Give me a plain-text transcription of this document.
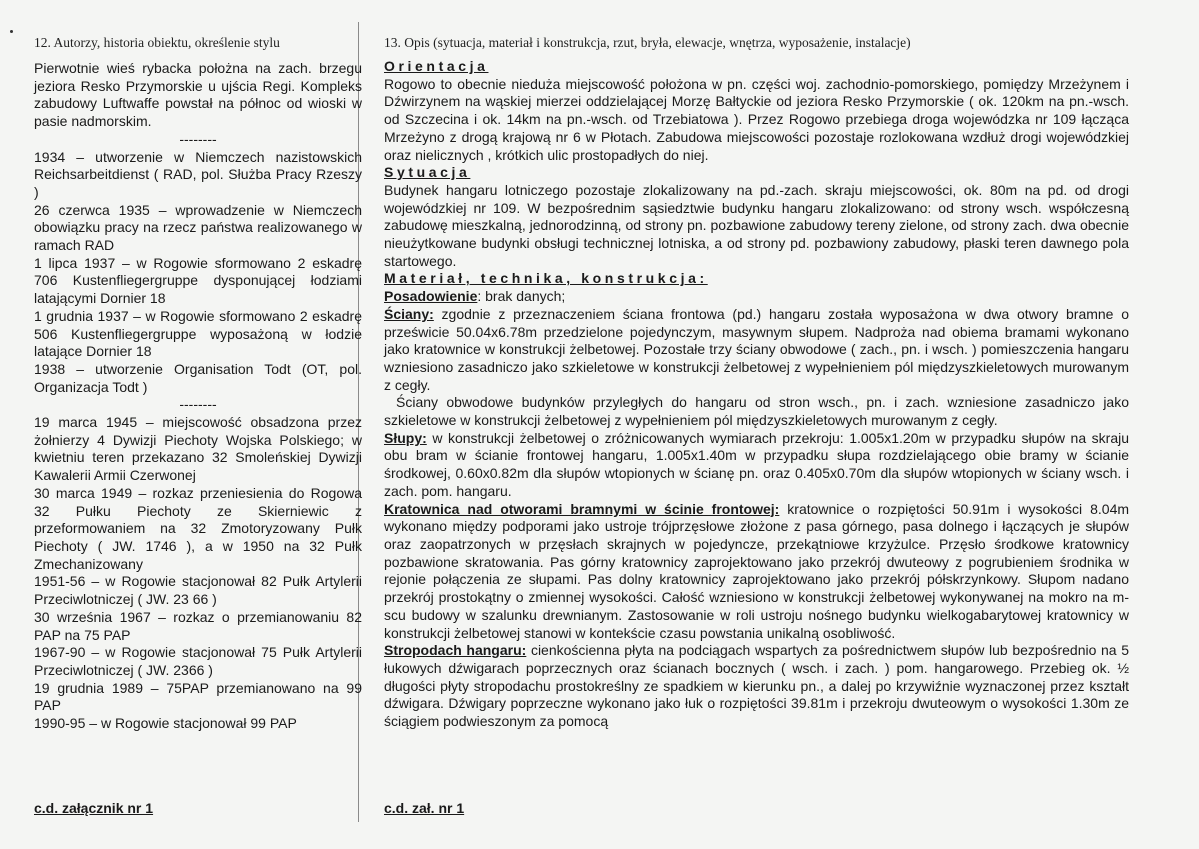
12. Autorzy, historia obiektu, określenie stylu	13. Opis (sytuacja, materiał i konstrukcja, rzut, bryła, elewacje, wnętrza, wyposażenie, instalacje)

Pierwotnie wieś rybacka położna na zach. brzegu jeziora Resko Przymorskie u ujścia Regi. Kompleks zabudowy Luftwaffe powstał na północ od wioski w pasie nadmorskim.

--------

1934 – utworzenie w Niemczech nazistowskich Reichsarbeitdienst ( RAD, pol. Służba Pracy Rzeszy )

26 czerwca 1935 – wprowadzenie w Niemczech obowiązku pracy na rzecz państwa realizowanego w ramach RAD

1 lipca 1937 – w Rogowie sformowano 2 eskadrę 706 Kustenfliegergruppe dysponującej łodziami latającymi Dornier 18

1 grudnia 1937 – w Rogowie sformowano 2 eskadrę 506 Kustenfliegergruppe wyposażoną w łodzie latające Dornier 18

1938 – utworzenie Organisation Todt (OT, pol. Organizacja Todt )

--------

19 marca 1945 – miejscowość obsadzona przez żołnierzy 4 Dywizji Piechoty Wojska Polskiego; w kwietniu teren przekazano 32 Smoleńskiej Dywizji Kawalerii Armii Czerwonej

30 marca 1949 – rozkaz przeniesienia do Rogowa 32 Pułku Piechoty ze Skierniewic z przeformowaniem na 32 Zmotoryzowany Pułk Piechoty ( JW. 1746 ), a w 1950 na 32 Pułk Zmechanizowany

1951-56 – w Rogowie stacjonował 82 Pułk Artylerii Przeciwlotniczej ( JW. 23 66 )

30 września 1967 – rozkaz o przemianowaniu 82 PAP na 75 PAP

1967-90 – w Rogowie stacjonował 75 Pułk Artylerii Przeciwlotniczej ( JW. 2366 )

19 grudnia 1989 – 75PAP przemianowano na 99 PAP

1990-95 – w Rogowie stacjonował 99 PAP

Orientacja

Rogowo to obecnie nieduża miejscowość położona w pn. części woj. zachodnio-pomorskiego, pomiędzy Mrzeżynem i Dźwirzynem na wąskiej mierzei oddzielającej Morzę Bałtyckie od jeziora Resko Przymorskie ( ok. 120km na pn.-wsch. od Szczecina i ok. 14km na pn.-wsch. od Trzebiatowa ). Przez Rogowo przebiega droga wojewódzka nr 109 łącząca Mrzeżyno z drogą krajową nr 6 w Płotach. Zabudowa miejscowości pozostaje rozlokowana wzdłuż drogi wojewódzkiej oraz nielicznych , krótkich ulic prostopadłych do niej.

Sytuacja

Budynek hangaru lotniczego pozostaje zlokalizowany na pd.-zach. skraju miejscowości, ok. 80m na pd. od drogi wojewódzkiej nr 109. W bezpośrednim sąsiedztwie budynku hangaru zlokalizowano: od strony wsch. współczesną zabudowę mieszkalną, jednorodzinną, od strony pn. pozbawione zabudowy tereny zielone, od strony zach. dwa obecnie nieużytkowane budynki obsługi technicznej lotniska, a od strony pd. pozbawiony zabudowy, płaski teren dawnego pola startowego.

Materiał, technika, konstrukcja:

Posadowienie: brak danych;

Ściany: zgodnie z przeznaczeniem ściana frontowa (pd.) hangaru została wyposażona w dwa otwory bramne o prześwicie 50.04x6.78m przedzielone pojedynczym, masywnym słupem. Nadproża nad obiema bramami wykonano jako kratownice w konstrukcji żelbetowej. Pozostałe trzy ściany obwodowe ( zach., pn. i wsch. ) pomieszczenia hangaru wzniesiono zasadniczo jako szkieletowe w konstrukcji żelbetowej z wypełnieniem pól międzyszkieletowych murowanym z cegły.

Ściany obwodowe budynków przyległych do hangaru od stron wsch., pn. i zach. wzniesione zasadniczo jako szkieletowe w konstrukcji żelbetowej z wypełnieniem pól międzyszkieletowych murowanym z cegły.

Słupy: w konstrukcji żelbetowej o zróżnicowanych wymiarach przekroju: 1.005x1.20m w przypadku słupów na skraju obu bram w ścianie frontowej hangaru, 1.005x1.40m w przypadku słupa rozdzielającego obie bramy w ścianie środkowej, 0.60x0.82m dla słupów wtopionych w ścianę pn. oraz 0.405x0.70m dla słupów wtopionych w ściany wsch. i zach. pom. hangaru.

Kratownica nad otworami bramnymi w ścinie frontowej: kratownice o rozpiętości 50.91m i wysokości 8.04m wykonano między podporami jako ustroje trójprzęsłowe złożone z pasa górnego, pasa dolnego i łączących je słupów oraz zaopatrzonych w przęsłach skrajnych w pojedyncze, przekątniowe krzyżulce. Przęsło środkowe kratownicy pozbawione skratowania. Pas górny kratownicy zaprojektowano jako przekrój dwuteowy z pogrubieniem środnika w rejonie połączenia ze słupami. Pas dolny kratownicy zaprojektowano jako przekrój półskrzynkowy. Słupom nadano przekrój prostokątny o zmiennej wysokości. Całość wzniesiono w konstrukcji żelbetowej wykonywanej na mokro na m-scu budowy w szalunku drewnianym. Zastosowanie w roli ustroju nośnego budynku wielkogabarytowej kratownicy w konstrukcji żelbetowej stanowi w kontekście czasu powstania unikalną osobliwość.

Stropodach hangaru: cienkościenna płyta na podciągach wspartych za pośrednictwem słupów lub bezpośrednio na 5 łukowych dźwigarach poprzecznych oraz ścianach bocznych ( wsch. i zach. ) pom. hangarowego. Przebieg ok. ½ długości płyty stropodachu prostokreślny ze spadkiem w kierunku pn., a dalej po krzywiźnie wyznaczonej przez kształt dźwigara. Dźwigary poprzeczne wykonano jako łuk o rozpiętości 39.81m i przekroju dwuteowym o wysokości 1.30m ze ściągiem podwieszonym za pomocą

c.d. załącznik nr 1	c.d. zał. nr 1
